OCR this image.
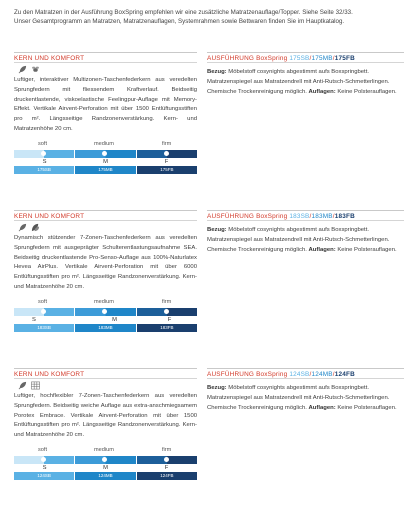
Zu den Matratzen in der Ausführung BoxSpring empfehlen wir eine zusätzliche Matratzenauflage/Topper. Siehe Seite 32/33.
Unser Gesamtprogramm an Matratzen, Matratzenauflagen, Systemrahmen sowie Bettwaren finden Sie im Hauptkatalog.
KERN UND KOMFORT
Luftiger, interaktiver Multizonen-Taschenfederkern aus veredelten Sprungfedern mit fliessendem Kraftverlauf. Beidseitig druckentlastende, viskoelastische Feelingpur-Auflage mit Memory-Effekt. Vertikale Airvent-Perforation mit über 1500 Entlüftungsstiften pro m². Längsseitige Randzonenverstärkung. Kern- und Matratzenhöhe 20 cm.
soft	medium	firm
S	M	F
175SB	175MB	175FB
AUSFÜHRUNG BoxSpring 175SB/175MB/175FB
Bezug: Möbelstoff cosynights abgestimmt aufs Boxspringbett. Matratzenspiegel aus Matratzendrell mit Anti-Rutsch-Schmetterlingen. Chemische Trockenreinigung möglich. Auflagen: Keine Polsterauflagen.
KERN UND KOMFORT
Dynamisch stützender 7-Zonen-Taschenfederkern aus veredelten Sprungfedern mit ausgeprägter Schulterentlastungsaufnahme SEA. Beidseitig druckentlastende Pro-Senso-Auflage aus 100%-Naturlatex Hevea AirPlus. Vertikale Airvent-Perforation mit über 6000 Entlüftungsstiften pro m². Längsseitige Randzonenverstärkung. Kern- und Matratzenhöhe 20 cm.
soft	medium	firm
S	M	F
183SB	183MB	183FB
AUSFÜHRUNG BoxSpring 183SB/183MB/183FB
Bezug: Möbelstoff cosynights abgestimmt aufs Boxspringbett. Matratzenspiegel aus Matratzendrell mit Anti-Rutsch-Schmetterlingen. Chemische Trockenreinigung möglich. Auflagen: Keine Polsterauflagen.
KERN UND KOMFORT
Luftiger, hochflexibler 7-Zonen-Taschenfederkern aus veredelten Sprungfedern. Beidseitig weiche Auflage aus extra-anschmiegsamem Porotex Embrace. Vertikale Airvent-Perforation mit über 1500 Entlüftungsstiften pro m². Längsseitige Randzonenverstärkung. Kern- und Matratzenhöhe 20 cm.
soft	medium	firm
S	M	F
124SB	124MB	124FB
AUSFÜHRUNG BoxSpring 124SB/124MB/124FB
Bezug: Möbelstoff cosynights abgestimmt aufs Boxspringbett. Matratzenspiegel aus Matratzendrell mit Anti-Rutsch-Schmetterlingen. Chemische Trockenreinigung möglich. Auflagen: Keine Polsterauflagen.
